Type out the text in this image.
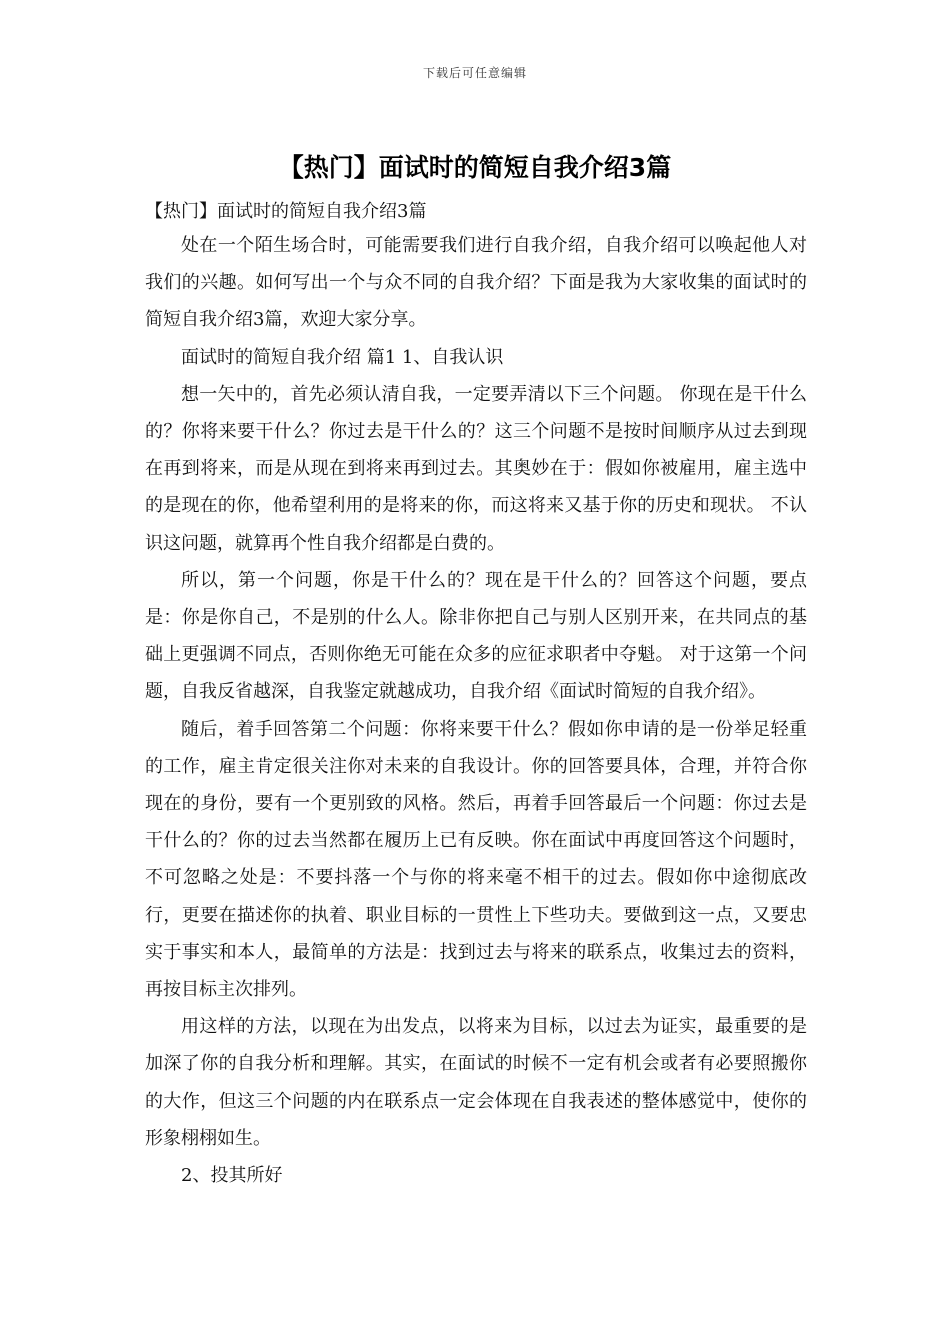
下载后可任意编辑
【热门】面试时的简短自我介绍3篇

【热门】面试时的简短自我介绍3篇

处在一个陌生场合时，可能需要我们进行自我介绍，自我介绍可以唤起他人对我们的兴趣。如何写出一个与众不同的自我介绍？下面是我为大家收集的面试时的简短自我介绍3篇，欢迎大家分享。

面试时的简短自我介绍 篇1 1、自我认识

想一矢中的，首先必须认清自我，一定要弄清以下三个问题。 你现在是干什么的？你将来要干什么？你过去是干什么的？这三个问题不是按时间顺序从过去到现在再到将来，而是从现在到将来再到过去。其奥妙在于：假如你被雇用，雇主选中的是现在的你，他希望利用的是将来的你，而这将来又基于你的历史和现状。 不认识这问题，就算再个性自我介绍都是白费的。

所以，第一个问题，你是干什么的？现在是干什么的？回答这个问题，要点是：你是你自己，不是别的什么人。除非你把自己与别人区别开来，在共同点的基础上更强调不同点，否则你绝无可能在众多的应征求职者中夺魁。 对于这第一个问题，自我反省越深，自我鉴定就越成功，自我介绍《面试时简短的自我介绍》。

随后，着手回答第二个问题：你将来要干什么？假如你申请的是一份举足轻重的工作，雇主肯定很关注你对未来的自我设计。你的回答要具体，合理，并符合你现在的身份，要有一个更别致的风格。然后，再着手回答最后一个问题：你过去是干什么的？你的过去当然都在履历上已有反映。你在面试中再度回答这个问题时，不可忽略之处是：不要抖落一个与你的将来毫不相干的过去。假如你中途彻底改行，更要在描述你的执着、职业目标的一贯性上下些功夫。要做到这一点，又要忠实于事实和本人，最简单的方法是：找到过去与将来的联系点，收集过去的资料，再按目标主次排列。

用这样的方法，以现在为出发点，以将来为目标，以过去为证实，最重要的是加深了你的自我分析和理解。其实，在面试的时候不一定有机会或者有必要照搬你的大作，但这三个问题的内在联系点一定会体现在自我表述的整体感觉中，使你的形象栩栩如生。

2、投其所好
